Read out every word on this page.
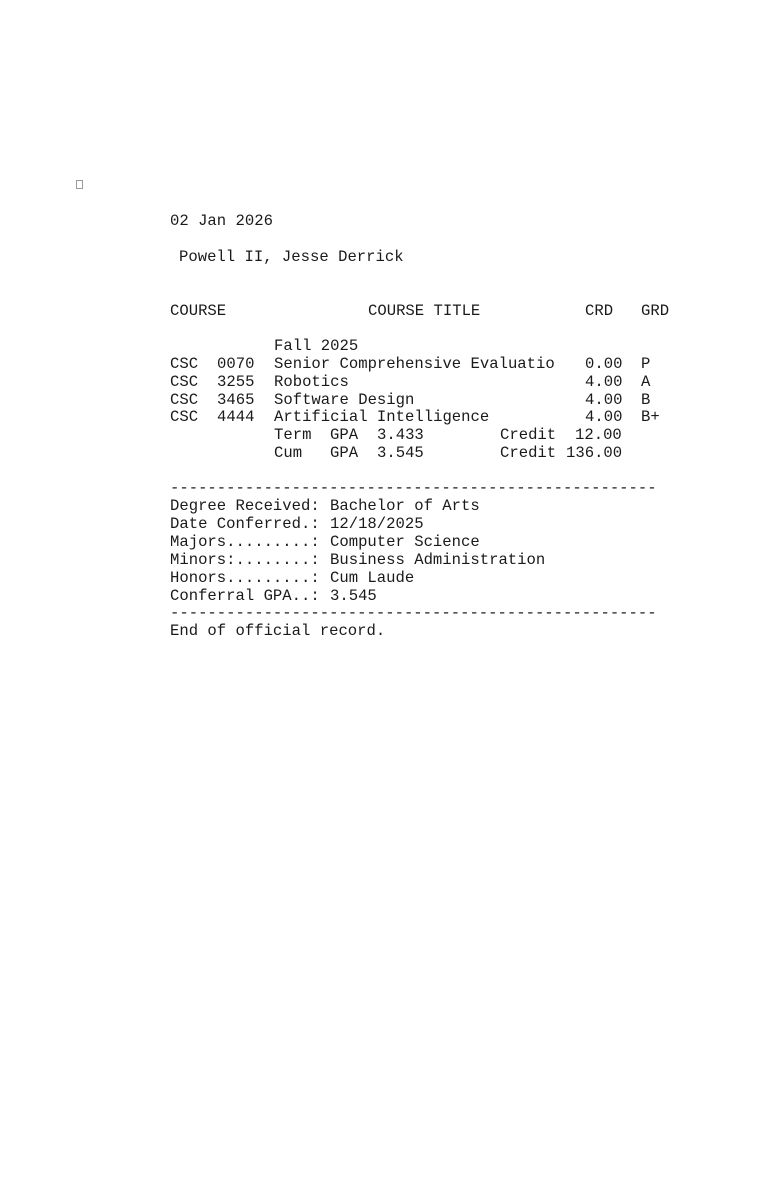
02 Jan 2026
Powell II, Jesse Derrick
COURSE	COURSE TITLE	CRD GRD
Fall 2025
CSC 0070 Senior Comprehensive Evaluatio 0.00 P
CSC 3255 Robotics	4.00 A
CSC 3465 Software Design	4.00 B
CSC 4444 Artificial Intelligence	4.00 B+
Term GPA 3.433	Credit 12.00
Cum GPA 3.545	Credit 136.00
----------------------------------------------------
Degree Received: Bachelor of Arts
Date Conferred.: 12/18/2025
Majors.........: Computer Science
Minors:........: Business Administration
Honors.........: Cum Laude
Conferral GPA..: 3.545
----------------------------------------------------
End of official record.
